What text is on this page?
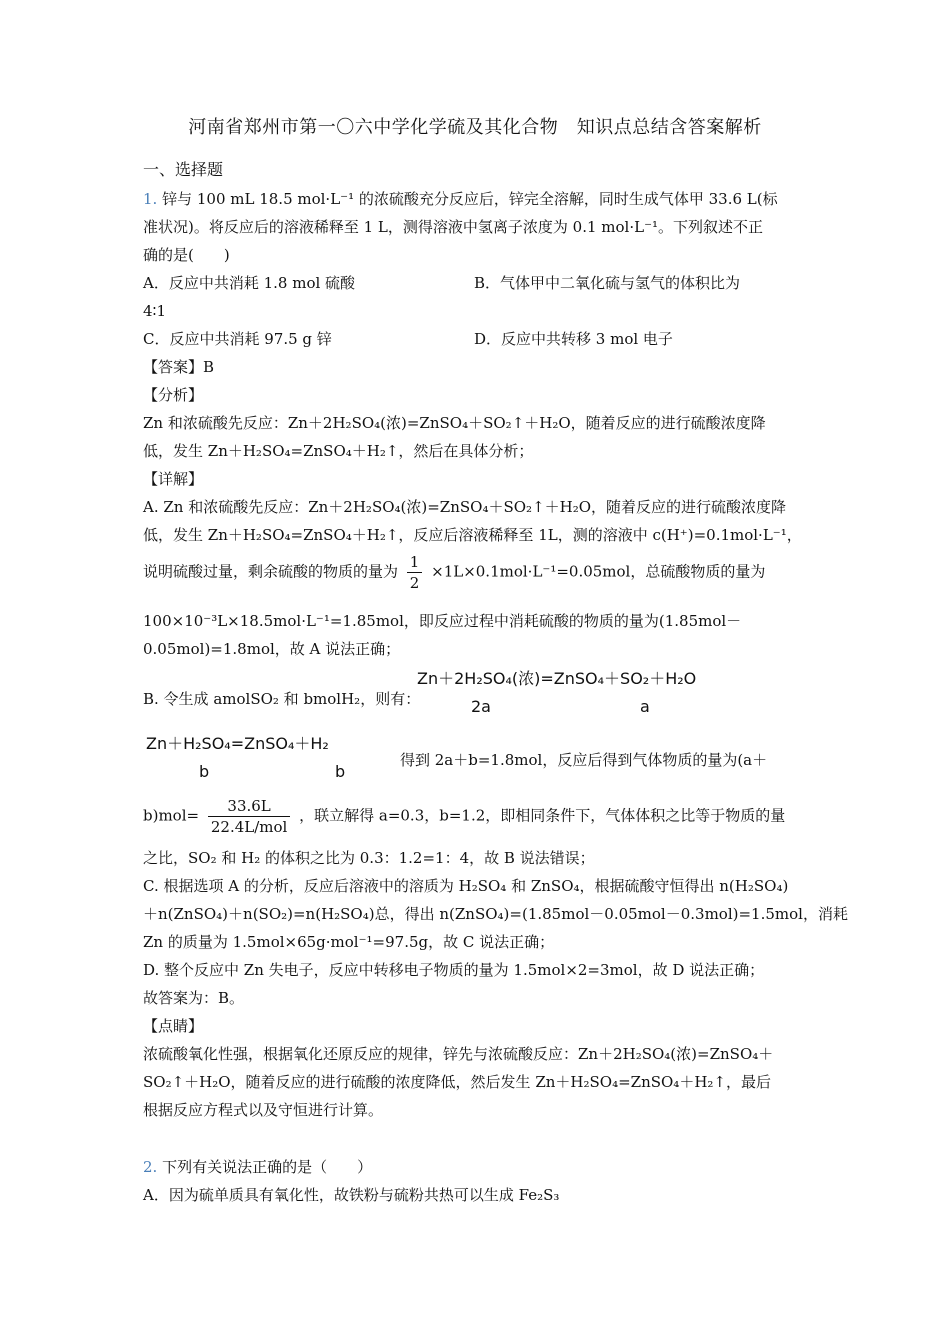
河南省郑州市第一〇六中学化学硫及其化合物　知识点总结含答案解析
一、选择题
1. 锌与 100 mL 18.5 mol·L⁻¹ 的浓硫酸充分反应后，锌完全溶解，同时生成气体甲 33.6 L(标
准状况)。将反应后的溶液稀释至 1 L，测得溶液中氢离子浓度为 0.1 mol·L⁻¹。下列叙述不正
确的是(　　)
A．反应中共消耗 1.8 mol 硫酸	B．气体甲中二氧化硫与氢气的体积比为
4∶1
C．反应中共消耗 97.5 g 锌	D．反应中共转移 3 mol 电子
【答案】B
【分析】
Zn 和浓硫酸先反应：Zn＋2H₂SO₄(浓)=ZnSO₄＋SO₂↑＋H₂O，随着反应的进行硫酸浓度降
低，发生 Zn＋H₂SO₄=ZnSO₄＋H₂↑，然后在具体分析；
【详解】
A. Zn 和浓硫酸先反应：Zn＋2H₂SO₄(浓)=ZnSO₄＋SO₂↑＋H₂O，随着反应的进行硫酸浓度降
低，发生 Zn＋H₂SO₄=ZnSO₄＋H₂↑，反应后溶液稀释至 1L，测的溶液中 c(H⁺)=0.1mol·L⁻¹，
说明硫酸过量，剩余硫酸的物质的量为 $\frac{1}{2} \times 1L\times 0.1mol\cdot L^{-1}=0.05mol$，总硫酸物质的量为
100×10⁻³L×18.5mol·L⁻¹=1.85mol，即反应过程中消耗硫酸的物质的量为(1.85mol－
0.05mol)=1.8mol，故 A 说法正确；
B. 令生成 amolSO₂ 和 bmolH₂，则有：
Zn＋2H₂SO₄(浓)=ZnSO₄＋SO₂＋H₂O
2a	a
Zn＋H₂SO₄=ZnSO₄＋H₂
b	b
得到 2a＋b=1.8mol，反应后得到气体物质的量为(a＋
$b)mol= \frac{33.6L}{\text{22.4L/mol}}$ ，联立解得 a=0.3，b=1.2，即相同条件下，气体体积之比等于物质的量
之比，SO₂ 和 H₂ 的体积之比为 0.3：1.2=1：4，故 B 说法错误；
C. 根据选项 A 的分析，反应后溶液中的溶质为 H₂SO₄ 和 ZnSO₄，根据硫酸守恒得出 n(H₂SO₄)
＋n(ZnSO₄)＋n(SO₂)=n(H₂SO₄)总，得出 n(ZnSO₄)=(1.85mol－0.05mol－0.3mol)=1.5mol，消耗
Zn 的质量为 1.5mol×65g·mol⁻¹=97.5g，故 C 说法正确；
D. 整个反应中 Zn 失电子，反应中转移电子物质的量为 1.5mol×2=3mol，故 D 说法正确；
故答案为：B。
【点睛】
浓硫酸氧化性强，根据氧化还原反应的规律，锌先与浓硫酸反应：Zn＋2H₂SO₄(浓)=ZnSO₄＋
SO₂↑＋H₂O，随着反应的进行硫酸的浓度降低，然后发生 Zn＋H₂SO₄=ZnSO₄＋H₂↑，最后
根据反应方程式以及守恒进行计算。
2. 下列有关说法正确的是（　　）
A．因为硫单质具有氧化性，故铁粉与硫粉共热可以生成 Fe₂S₃
